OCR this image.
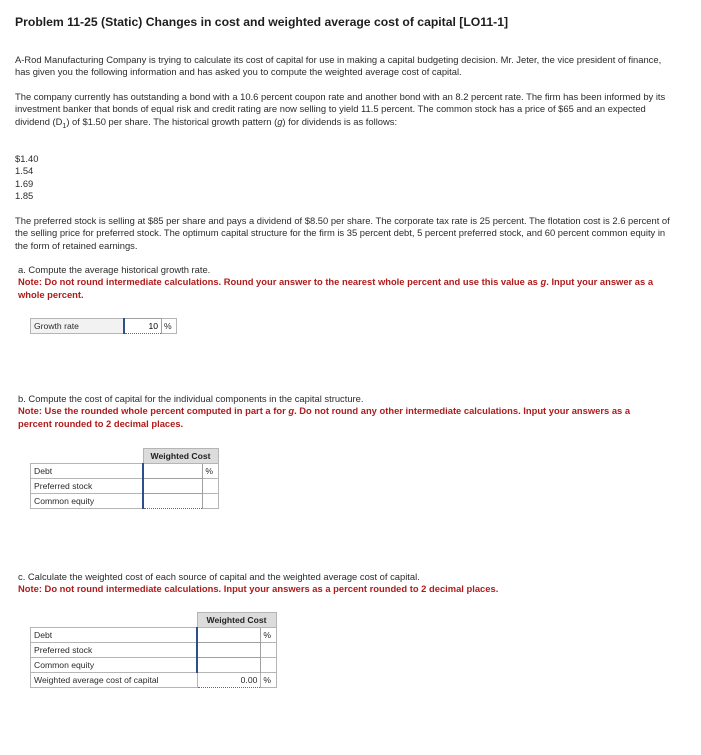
Problem 11-25 (Static) Changes in cost and weighted average cost of capital [LO11-1]
A-Rod Manufacturing Company is trying to calculate its cost of capital for use in making a capital budgeting decision. Mr. Jeter, the vice president of finance, has given you the following information and has asked you to compute the weighted average cost of capital.
The company currently has outstanding a bond with a 10.6 percent coupon rate and another bond with an 8.2 percent rate. The firm has been informed by its investment banker that bonds of equal risk and credit rating are now selling to yield 11.5 percent. The common stock has a price of $65 and an expected dividend $(D_1)$ of $1.50 per share. The historical growth pattern (g) for dividends is as follows:
$1.40
1.54
1.69
1.85
The preferred stock is selling at $85 per share and pays a dividend of $8.50 per share. The corporate tax rate is 25 percent. The flotation cost is 2.6 percent of the selling price for preferred stock. The optimum capital structure for the firm is 35 percent debt, 5 percent preferred stock, and 60 percent common equity in the form of retained earnings.
a. Compute the average historical growth rate.
Note: Do not round intermediate calculations. Round your answer to the nearest whole percent and use this value as g. Input your answer as a whole percent.
Growth rate	10	%
b. Compute the cost of capital for the individual components in the capital structure.
Note: Use the rounded whole percent computed in part a for g. Do not round any other intermediate calculations. Input your answers as a percent rounded to 2 decimal places.
	Weighted Cost	
Debt		%
Preferred stock		
Common equity		
c. Calculate the weighted cost of each source of capital and the weighted average cost of capital.
Note: Do not round intermediate calculations. Input your answers as a percent rounded to 2 decimal places.
	Weighted Cost	
Debt		%
Preferred stock		
Common equity		
Weighted average cost of capital	0.00	%
